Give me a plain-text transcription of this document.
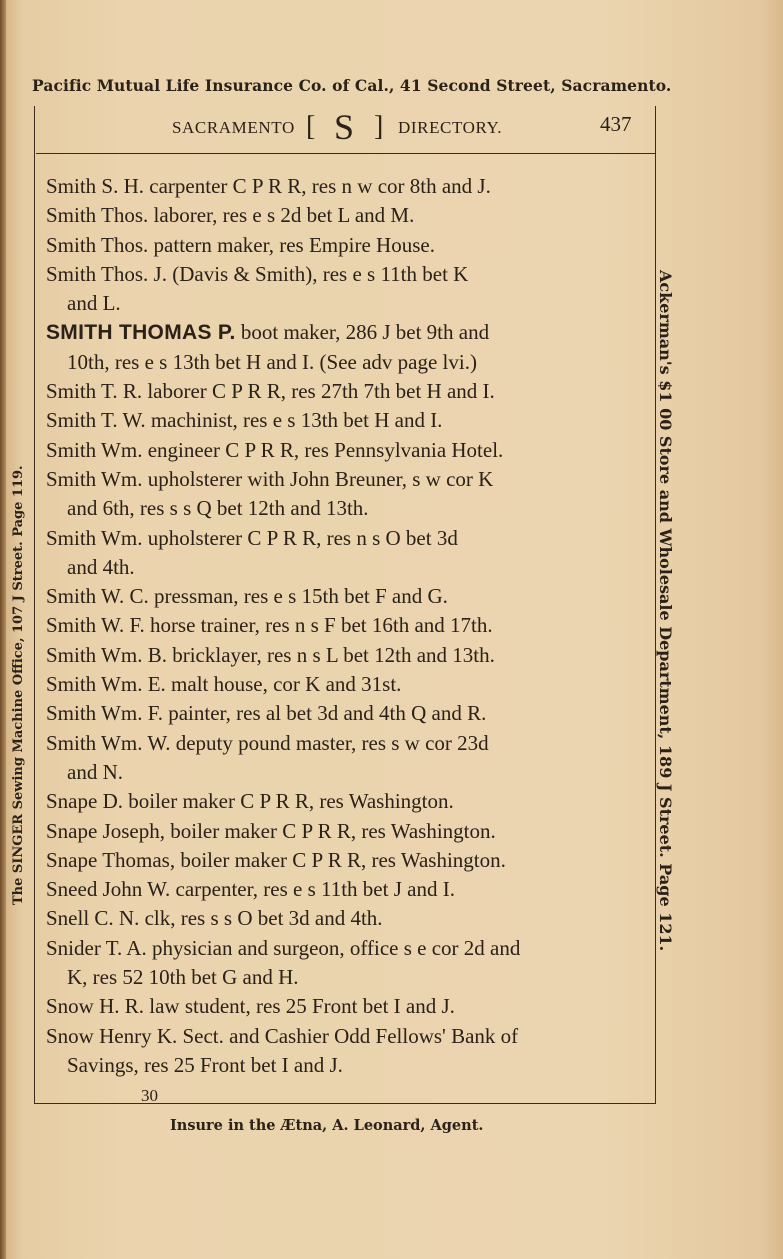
Pacific Mutual Life Insurance Co. of Cal., 41 Second Street, Sacramento.
The SINGER Sewing Machine Office, 107 J Street. Page 119.	Ackerman's $1 00 Store and Wholesale Department, 189 J Street. Page 121.
SACRAMENTO [ S ] DIRECTORY.	437
Smith S. H. carpenter C P R R, res n w cor 8th and J.
Smith Thos. laborer, res e s 2d bet L and M.
Smith Thos. pattern maker, res Empire House.
Smith Thos. J. (Davis & Smith), res e s 11th bet K
and L.
SMITH THOMAS P. boot maker, 286 J bet 9th and
10th, res e s 13th bet H and I. (See adv page lvi.)
Smith T. R. laborer C P R R, res 27th 7th bet H and I.
Smith T. W. machinist, res e s 13th bet H and I.
Smith Wm. engineer C P R R, res Pennsylvania Hotel.
Smith Wm. upholsterer with John Breuner, s w cor K
and 6th, res s s Q bet 12th and 13th.
Smith Wm. upholsterer C P R R, res n s O bet 3d
and 4th.
Smith W. C. pressman, res e s 15th bet F and G.
Smith W. F. horse trainer, res n s F bet 16th and 17th.
Smith Wm. B. bricklayer, res n s L bet 12th and 13th.
Smith Wm. E. malt house, cor K and 31st.
Smith Wm. F. painter, res al bet 3d and 4th Q and R.
Smith Wm. W. deputy pound master, res s w cor 23d
and N.
Snape D. boiler maker C P R R, res Washington.
Snape Joseph, boiler maker C P R R, res Washington.
Snape Thomas, boiler maker C P R R, res Washington.
Sneed John W. carpenter, res e s 11th bet J and I.
Snell C. N. clk, res s s O bet 3d and 4th.
Snider T. A. physician and surgeon, office s e cor 2d and
K, res 52 10th bet G and H.
Snow H. R. law student, res 25 Front bet I and J.
Snow Henry K. Sect. and Cashier Odd Fellows' Bank of
Savings, res 25 Front bet I and J.
30
Insure in the Ætna, A. Leonard, Agent.
